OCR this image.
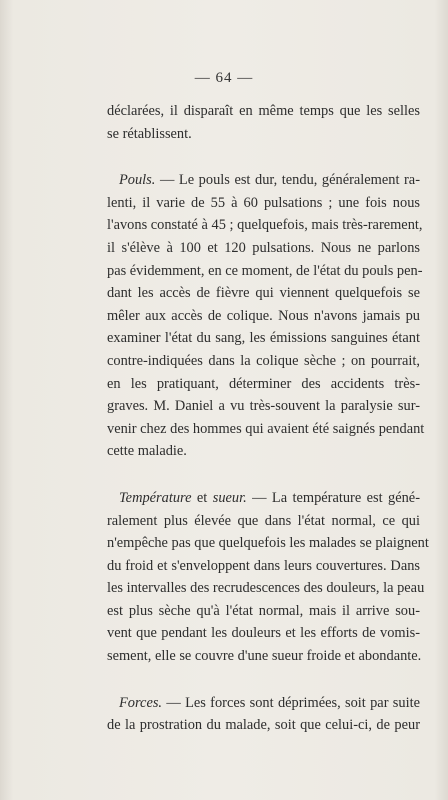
— 64 —

déclarées, il disparaît en même temps que les selles
se rétablissent.

Pouls. — Le pouls est dur, tendu, généralement ra-
lenti, il varie de 55 à 60 pulsations ; une fois nous
l'avons constaté à 45 ; quelquefois, mais très-rarement,
il s'élève à 100 et 120 pulsations. Nous ne parlons
pas évidemment, en ce moment, de l'état du pouls pen-
dant les accès de fièvre qui viennent quelquefois se
mêler aux accès de colique. Nous n'avons jamais pu
examiner l'état du sang, les émissions sanguines étant
contre-indiquées dans la colique sèche ; on pourrait,
en les pratiquant, déterminer des accidents très-
graves. M. Daniel a vu très-souvent la paralysie sur-
venir chez des hommes qui avaient été saignés pendant
cette maladie.

Température et sueur. — La température est géné-
ralement plus élevée que dans l'état normal, ce qui
n'empêche pas que quelquefois les malades se plaignent
du froid et s'enveloppent dans leurs couvertures. Dans
les intervalles des recrudescences des douleurs, la peau
est plus sèche qu'à l'état normal, mais il arrive sou-
vent que pendant les douleurs et les efforts de vomis-
sement, elle se couvre d'une sueur froide et abondante.

Forces. — Les forces sont déprimées, soit par suite
de la prostration du malade, soit que celui-ci, de peur
